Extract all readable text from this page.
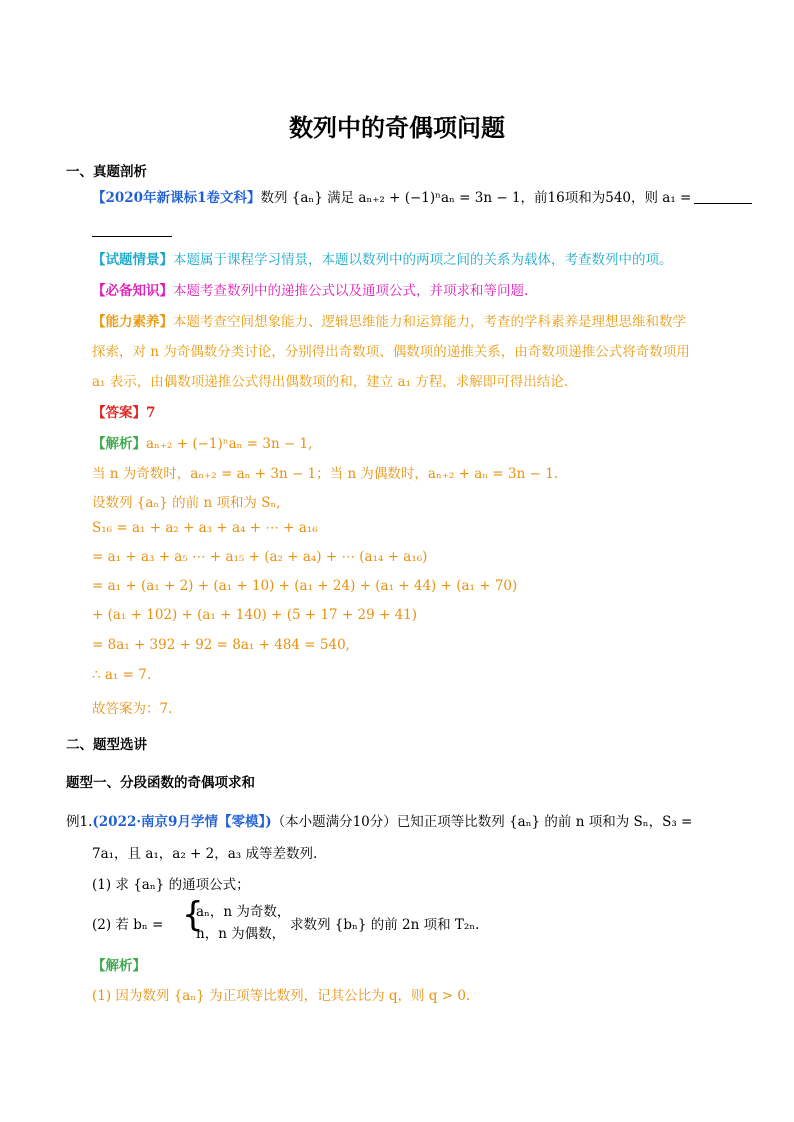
数列中的奇偶项问题
一、真题剖析
【2020年新课标1卷文科】数列 {aₙ} 满足 aₙ₊₂ + (−1)ⁿaₙ = 3n − 1，前16项和为540，则 a₁ =
【试题情景】本题属于课程学习情景，本题以数列中的两项之间的关系为载体，考查数列中的项。
【必备知识】本题考查数列中的递推公式以及通项公式，并项求和等问题.
【能力素养】本题考查空间想象能力、逻辑思维能力和运算能力，考查的学科素养是理想思维和数学
探索，对 n 为奇偶数分类讨论，分别得出奇数项、偶数项的递推关系，由奇数项递推公式将奇数项用
a₁ 表示，由偶数项递推公式得出偶数项的和，建立 a₁ 方程，求解即可得出结论.
【答案】7
【解析】aₙ₊₂ + (−1)ⁿaₙ = 3n − 1,
当 n 为奇数时，aₙ₊₂ = aₙ + 3n − 1；当 n 为偶数时，aₙ₊₂ + aₙ = 3n − 1.
设数列 {aₙ} 的前 n 项和为 Sₙ,
S₁₆ = a₁ + a₂ + a₃ + a₄ + ⋯ + a₁₆
= a₁ + a₃ + a₅ ⋯ + a₁₅ + (a₂ + a₄) + ⋯ (a₁₄ + a₁₆)
= a₁ + (a₁ + 2) + (a₁ + 10) + (a₁ + 24) + (a₁ + 44) + (a₁ + 70)
+ (a₁ + 102) + (a₁ + 140) + (5 + 17 + 29 + 41)
= 8a₁ + 392 + 92 = 8a₁ + 484 = 540,
∴ a₁ = 7.
故答案为：7.
二、题型选讲
题型一、分段函数的奇偶项求和
例1.(2022·南京9月学情【零模】)（本小题满分10分）已知正项等比数列 {aₙ} 的前 n 项和为 Sₙ，S₃ =
7a₁，且 a₁，a₂ + 2，a₃ 成等差数列.
(1) 求 {aₙ} 的通项公式；
(2) 若 bₙ = {
aₙ，n 为奇数，
n，n 为偶数，
求数列 {bₙ} 的前 2n 项和 T₂ₙ.
【解析】
(1) 因为数列 {aₙ} 为正项等比数列，记其公比为 q，则 q > 0.
